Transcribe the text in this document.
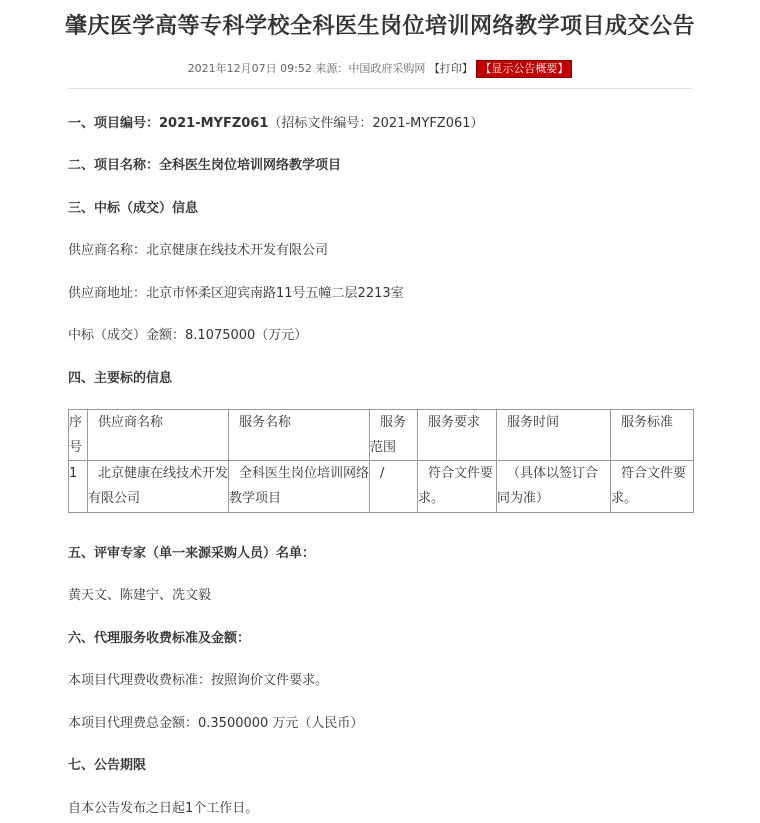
肇庆医学高等专科学校全科医生岗位培训网络教学项目成交公告
2021年12月07日 09:52 来源：中国政府采购网 【打印】 【显示公告概要】
一、项目编号：2021-MYFZ061（招标文件编号：2021-MYFZ061）
二、项目名称：全科医生岗位培训网络教学项目
三、中标（成交）信息
供应商名称：北京健康在线技术开发有限公司
供应商地址：北京市怀柔区迎宾南路11号五幢二层2213室
中标（成交）金额：8.1075000（万元）
四、主要标的信息
序号	供应商名称	服务名称	服务范围	服务要求	服务时间	服务标准

1	北京健康在线技术开发有限公司	全科医生岗位培训网络教学项目	/	符合文件要求。	（具体以签订合同为准）	符合文件要求。
五、评审专家（单一来源采购人员）名单：
黄天文、陈建宁、冼文毅
六、代理服务收费标准及金额：
本项目代理费收费标准：按照询价文件要求。
本项目代理费总金额：0.3500000 万元（人民币）
七、公告期限
自本公告发布之日起1个工作日。
